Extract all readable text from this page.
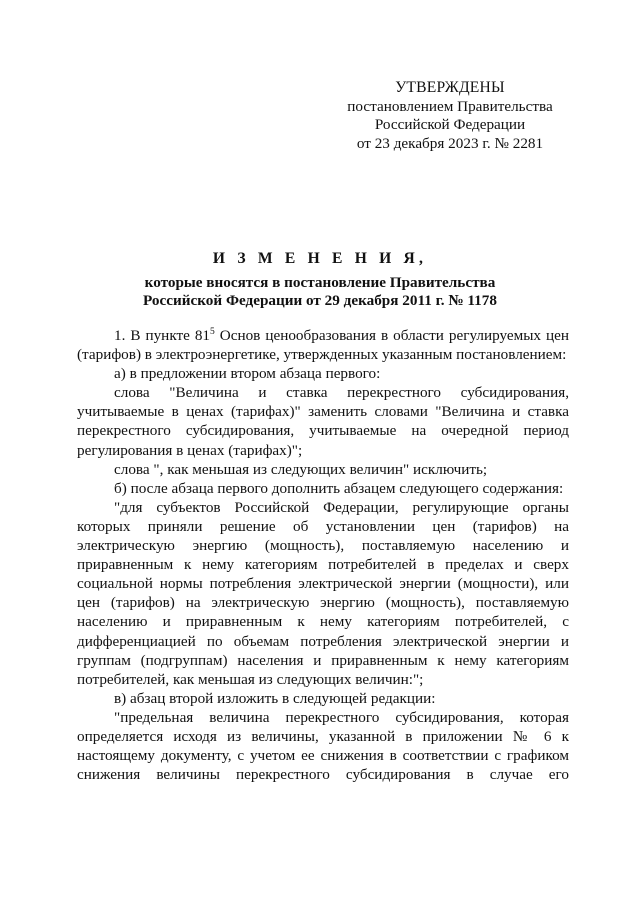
УТВЕРЖДЕНЫ
постановлением Правительства
Российской Федерации
от 23 декабря 2023 г. № 2281
И З М Е Н Е Н И Я,
которые вносятся в постановление Правительства
Российской Федерации от 29 декабря 2011 г. № 1178

1. В пункте $81^5$ Основ ценообразования в области регулируемых цен (тарифов) в электроэнергетике, утвержденных указанным постановлением:

а) в предложении втором абзаца первого:

слова "Величина и ставка перекрестного субсидирования, учитываемые в ценах (тарифах)" заменить словами "Величина и ставка перекрестного субсидирования, учитываемые на очередной период регулирования в ценах (тарифах)";

слова ", как меньшая из следующих величин" исключить;

б) после абзаца первого дополнить абзацем следующего содержания:

"для субъектов Российской Федерации, регулирующие органы которых приняли решение об установлении цен (тарифов) на электрическую энергию (мощность), поставляемую населению и приравненным к нему категориям потребителей в пределах и сверх социальной нормы потребления электрической энергии (мощности), или цен (тарифов) на электрическую энергию (мощность), поставляемую населению и приравненным к нему категориям потребителей, с дифференциацией по объемам потребления электрической энергии и группам (подгруппам) населения и приравненным к нему категориям потребителей, как меньшая из следующих величин:";

в) абзац второй изложить в следующей редакции:

"предельная величина перекрестного субсидирования, которая определяется исходя из величины, указанной в приложении № 6 к настоящему документу, с учетом ее снижения в соответствии с графиком снижения величины перекрестного субсидирования в случае его
